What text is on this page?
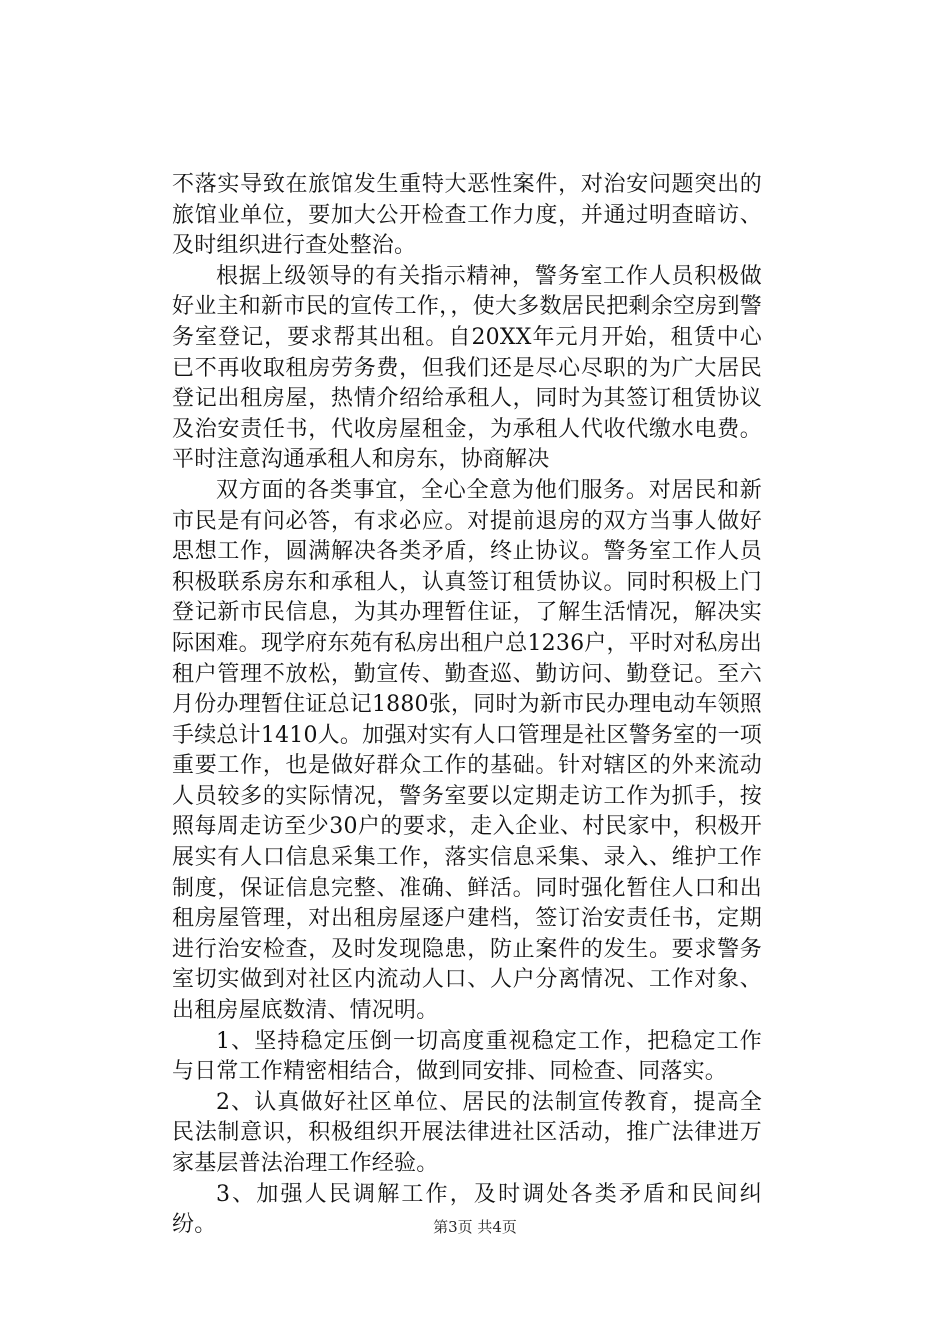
不落实导致在旅馆发生重特大恶性案件，对治安问题突出的旅馆业单位，要加大公开检查工作力度，并通过明查暗访、及时组织进行查处整治。

根据上级领导的有关指示精神，警务室工作人员积极做好业主和新市民的宣传工作，，使大多数居民把剩余空房到警务室登记，要求帮其出租。自20XX年元月开始，租赁中心已不再收取租房劳务费，但我们还是尽心尽职的为广大居民登记出租房屋，热情介绍给承租人，同时为其签订租赁协议及治安责任书，代收房屋租金，为承租人代收代缴水电费。平时注意沟通承租人和房东，协商解决

双方面的各类事宜，全心全意为他们服务。对居民和新市民是有问必答，有求必应。对提前退房的双方当事人做好思想工作，圆满解决各类矛盾，终止协议。警务室工作人员积极联系房东和承租人，认真签订租赁协议。同时积极上门登记新市民信息，为其办理暂住证，了解生活情况，解决实际困难。现学府东苑有私房出租户总1236户，平时对私房出租户管理不放松，勤宣传、勤查巡、勤访问、勤登记。至六月份办理暂住证总记1880张，同时为新市民办理电动车领照手续总计1410人。加强对实有人口管理是社区警务室的一项重要工作，也是做好群众工作的基础。针对辖区的外来流动人员较多的实际情况，警务室要以定期走访工作为抓手，按照每周走访至少30户的要求，走入企业、村民家中，积极开展实有人口信息采集工作，落实信息采集、录入、维护工作制度，保证信息完整、准确、鲜活。同时强化暂住人口和出租房屋管理，对出租房屋逐户建档，签订治安责任书，定期进行治安检查，及时发现隐患，防止案件的发生。要求警务室切实做到对社区内流动人口、人户分离情况、工作对象、出租房屋底数清、情况明。

1、坚持稳定压倒一切高度重视稳定工作，把稳定工作与日常工作精密相结合，做到同安排、同检查、同落实。

2、认真做好社区单位、居民的法制宣传教育，提高全民法制意识，积极组织开展法律进社区活动，推广法律进万家基层普法治理工作经验。

3、加强人民调解工作，及时调处各类矛盾和民间纠纷。	第3页 共4页
